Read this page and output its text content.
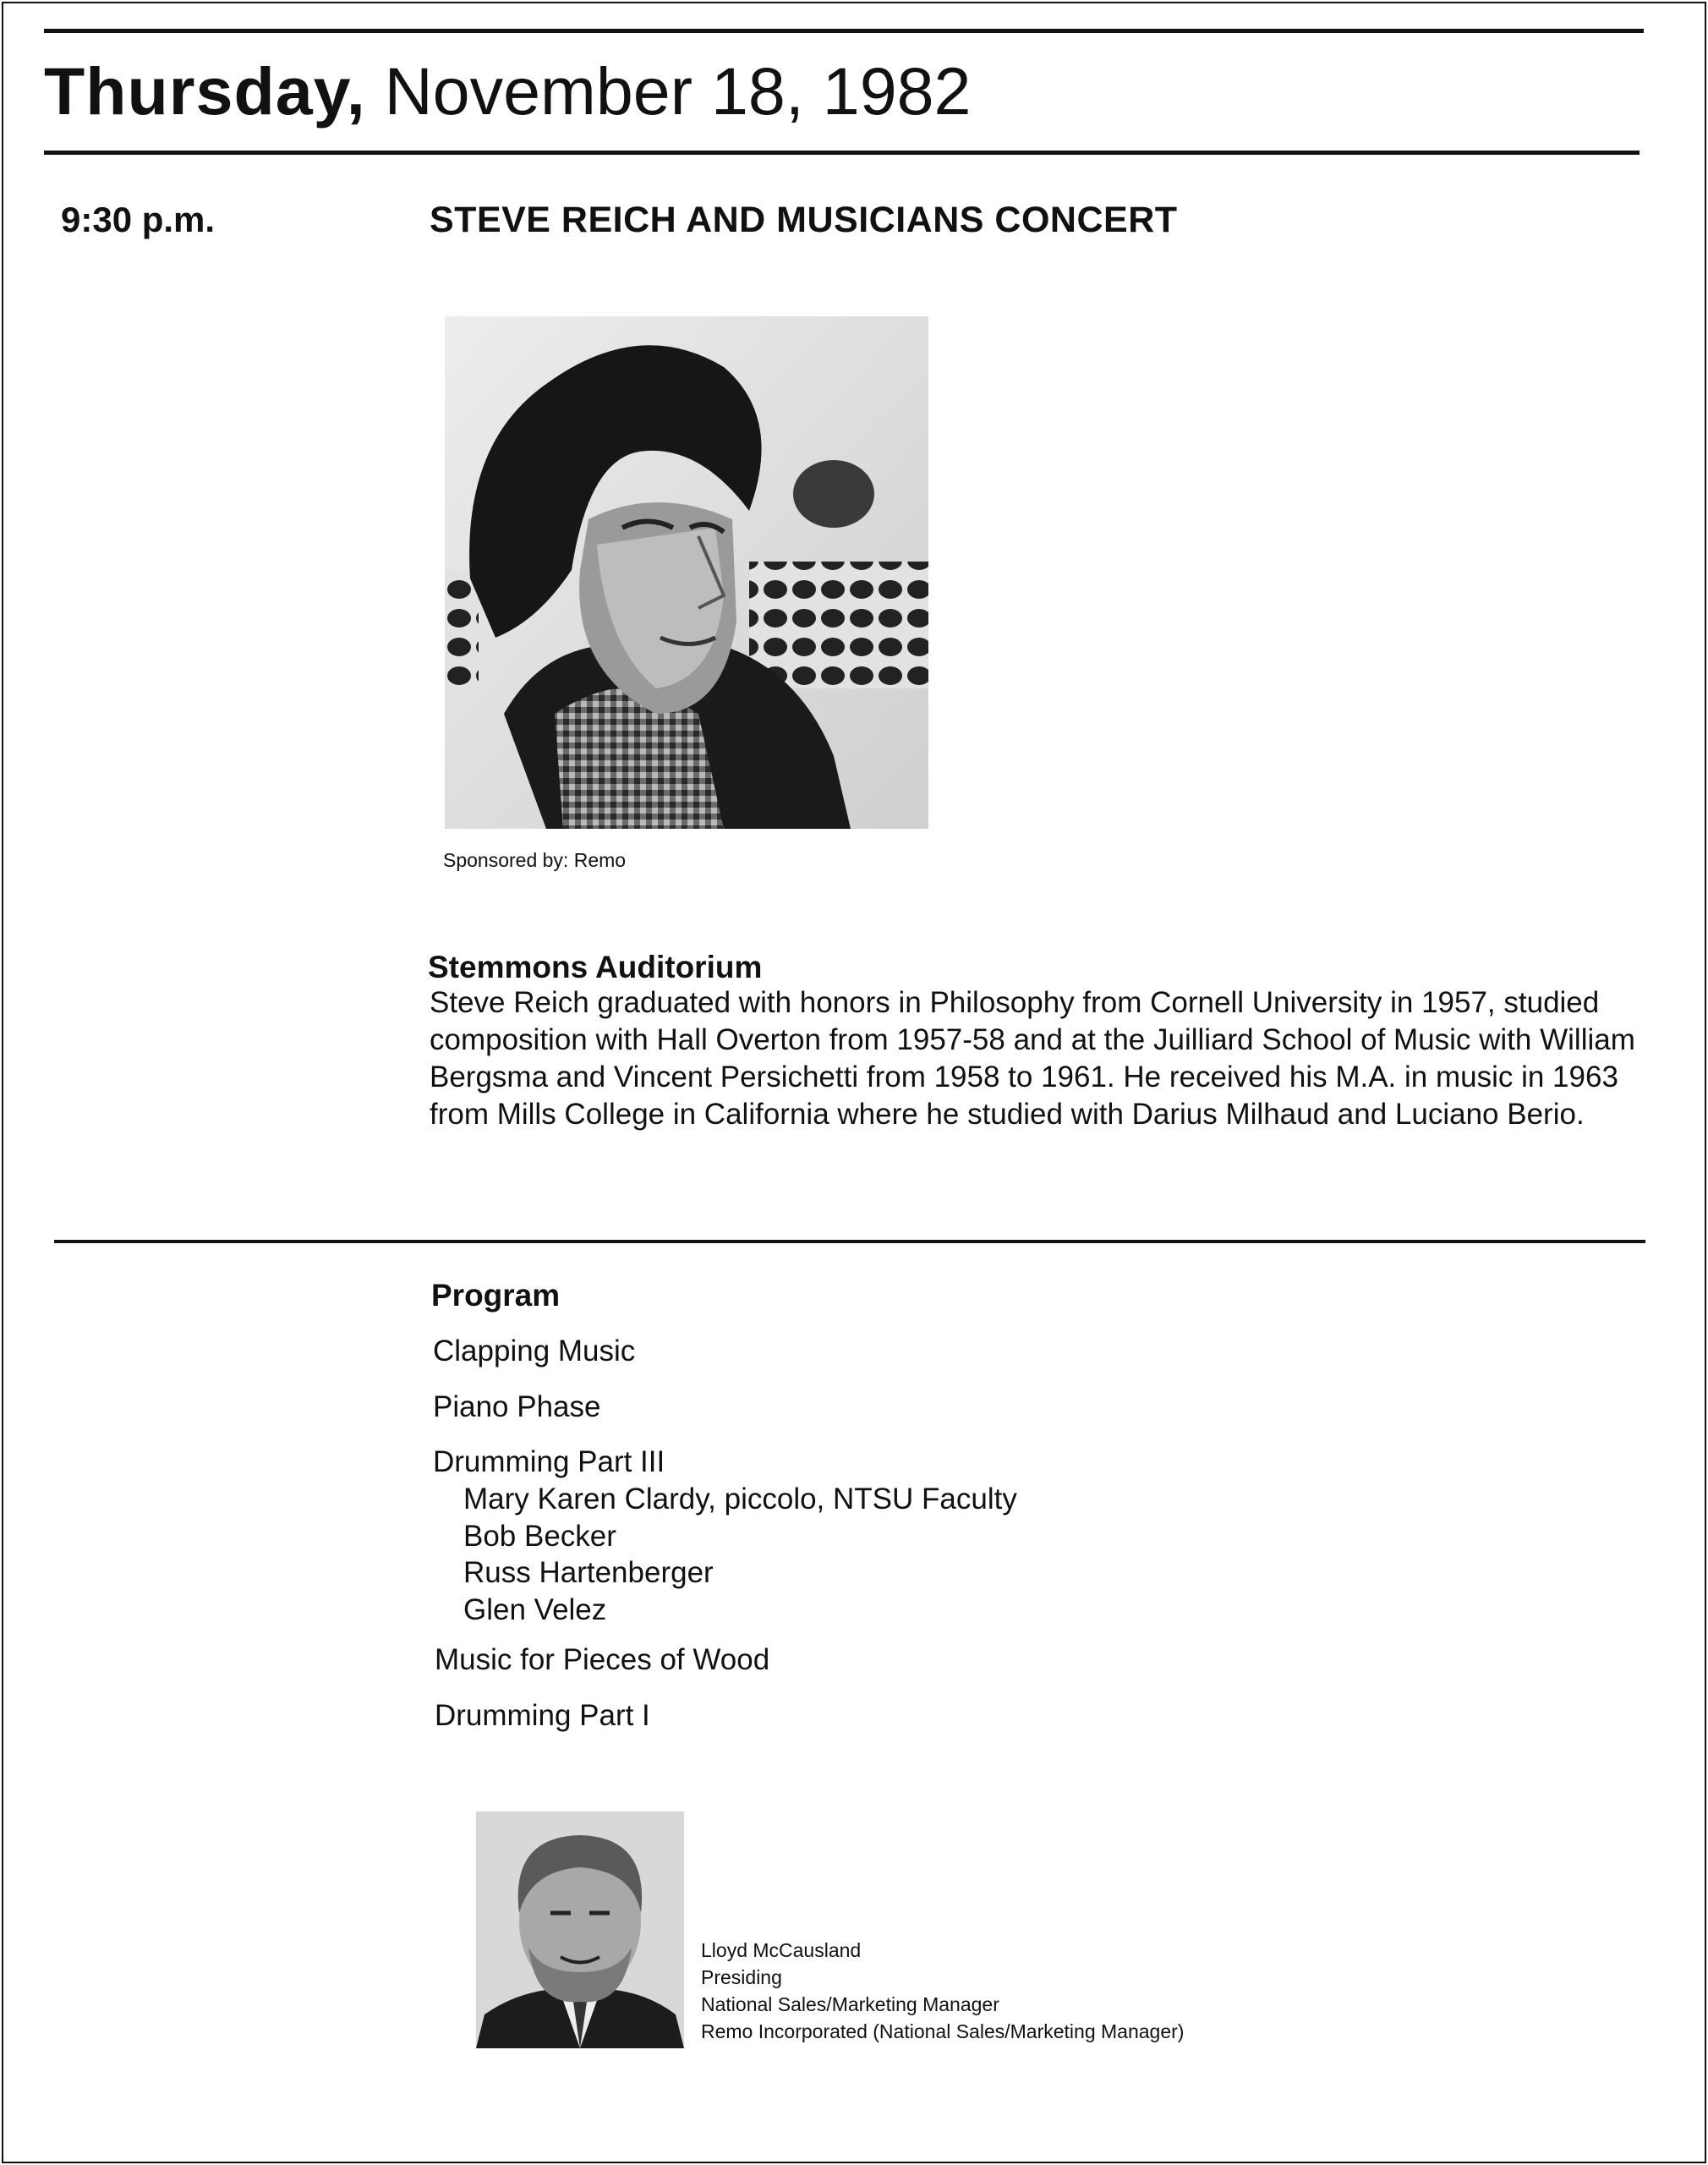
Thursday, November 18, 1982
9:30 p.m.	STEVE REICH AND MUSICIANS CONCERT
Sponsored by: Remo
Stemmons Auditorium
Steve Reich graduated with honors in Philosophy from Cornell University in 1957, studied composition with Hall Overton from 1957-58 and at the Juilliard School of Music with William Bergsma and Vincent Persichetti from 1958 to 1961. He received his M.A. in music in 1963 from Mills College in California where he studied with Darius Milhaud and Luciano Berio.
Program
Clapping Music
Piano Phase
Drumming Part III
Mary Karen Clardy, piccolo, NTSU Faculty
Bob Becker
Russ Hartenberger
Glen Velez
Music for Pieces of Wood
Drumming Part I
Lloyd McCausland
Presiding
National Sales/Marketing Manager
Remo Incorporated (National Sales/Marketing Manager)
